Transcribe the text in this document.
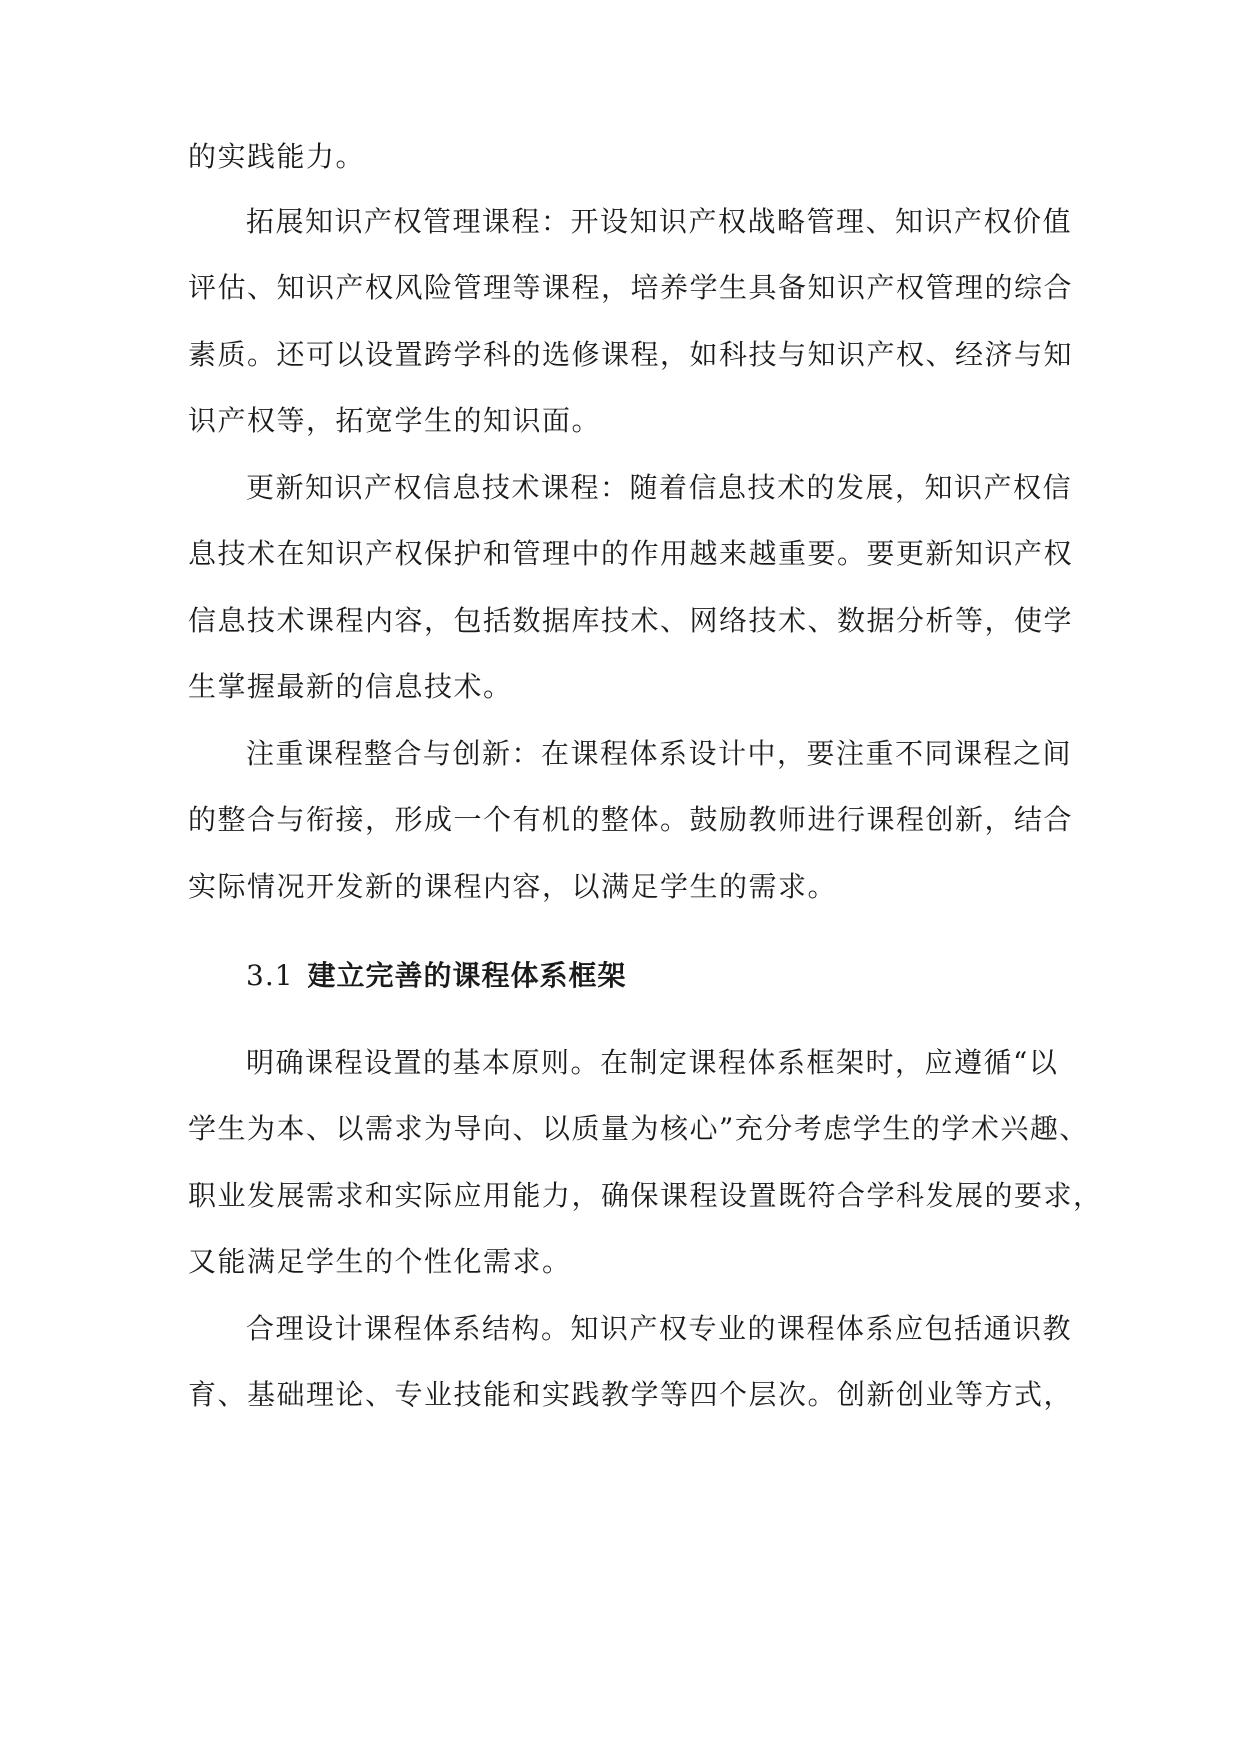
的实践能力。
拓展知识产权管理课程：开设知识产权战略管理、知识产权价值
评估、知识产权风险管理等课程，培养学生具备知识产权管理的综合
素质。还可以设置跨学科的选修课程，如科技与知识产权、经济与知
识产权等，拓宽学生的知识面。
更新知识产权信息技术课程：随着信息技术的发展，知识产权信
息技术在知识产权保护和管理中的作用越来越重要。要更新知识产权
信息技术课程内容，包括数据库技术、网络技术、数据分析等，使学
生掌握最新的信息技术。
注重课程整合与创新：在课程体系设计中，要注重不同课程之间
的整合与衔接，形成一个有机的整体。鼓励教师进行课程创新，结合
实际情况开发新的课程内容，以满足学生的需求。
3.1 建立完善的课程体系框架
明确课程设置的基本原则。在制定课程体系框架时，应遵循“以
学生为本、以需求为导向、以质量为核心”充分考虑学生的学术兴趣、
职业发展需求和实际应用能力，确保课程设置既符合学科发展的要求，
又能满足学生的个性化需求。
合理设计课程体系结构。知识产权专业的课程体系应包括通识教
育、基础理论、专业技能和实践教学等四个层次。创新创业等方式，
